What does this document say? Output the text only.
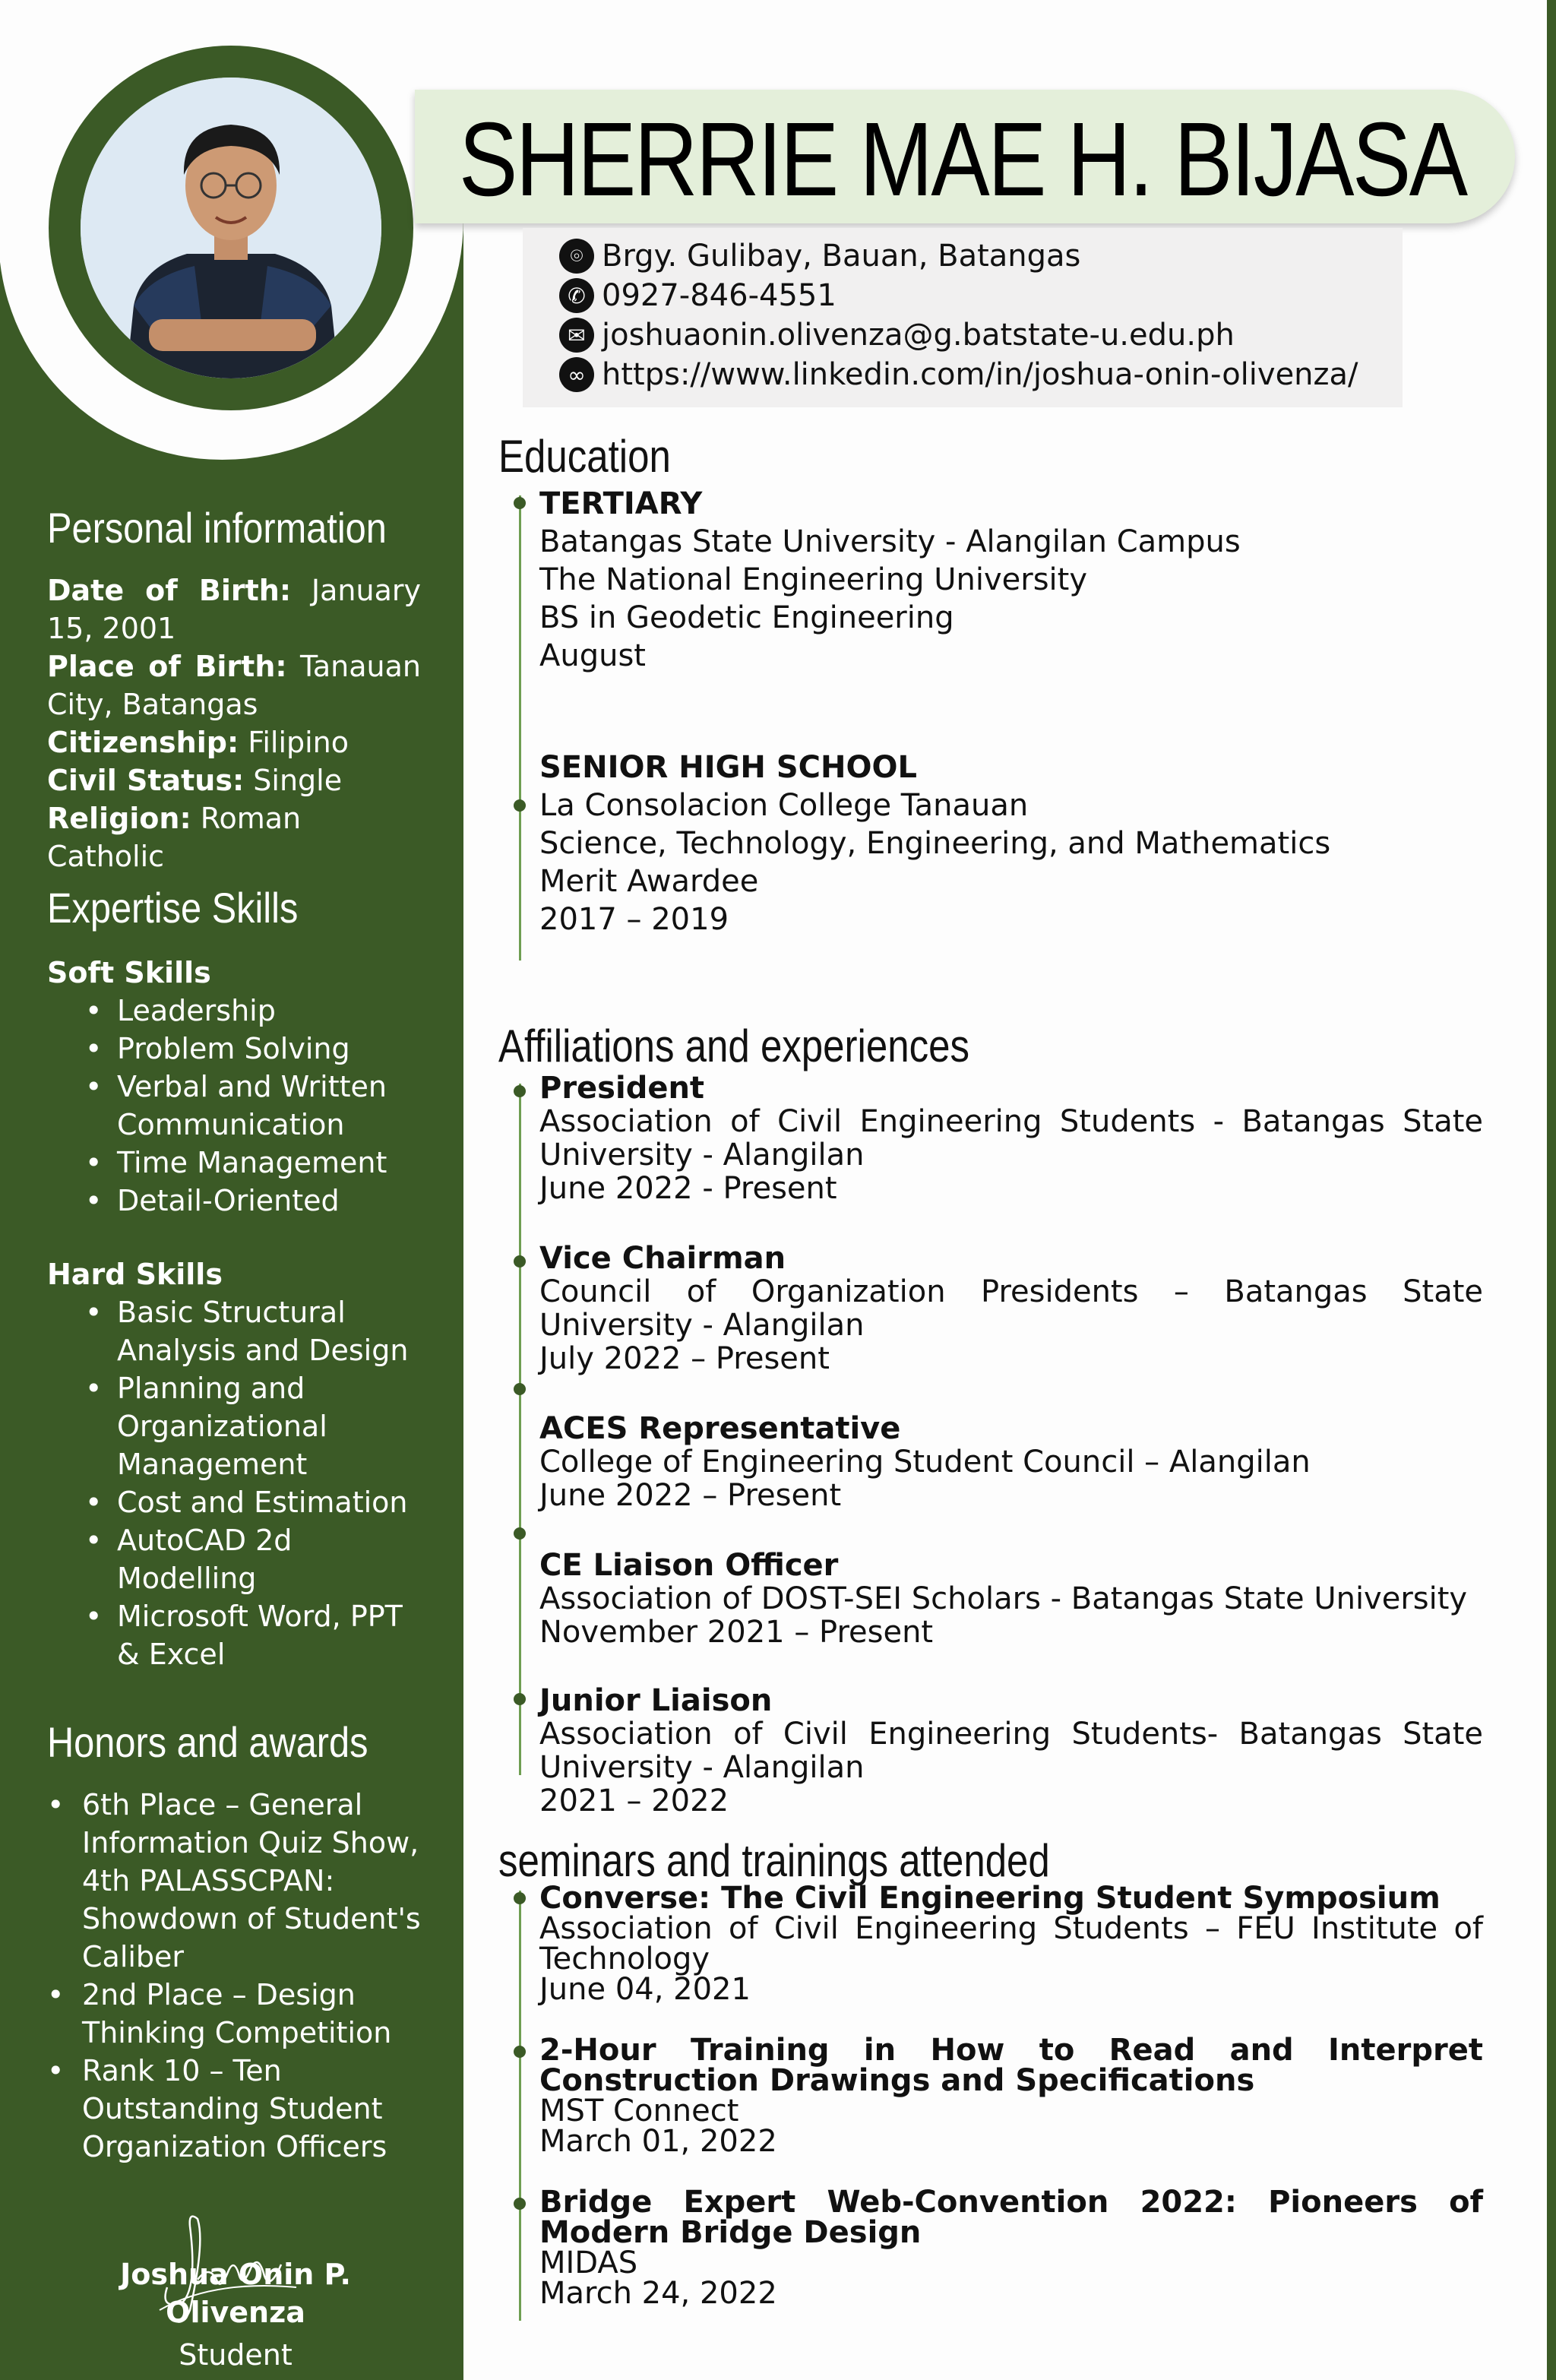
SHERRIE MAE H. BIJASA
⌾ Brgy. Gulibay, Bauan, Batangas
✆ 0927-846-4551
✉ joshuaonin.olivenza@g.batstate-u.edu.ph
∞ https://www.linkedin.com/in/joshua-onin-olivenza/
Personal information
Date of Birth: January 15, 2001
Place of Birth: Tanauan City, Batangas
Citizenship: Filipino
Civil Status: Single
Religion: Roman Catholic
Expertise Skills
Soft Skills
• Leadership
• Problem Solving
• Verbal and Written Communication
• Time Management
• Detail-Oriented
Hard Skills
• Basic Structural Analysis and Design
• Planning and Organizational Management
• Cost and Estimation
• AutoCAD 2d Modelling
• Microsoft Word, PPT & Excel
Honors and awards
• 6th Place – General Information Quiz Show, 4th PALASSCPAN: Showdown of Student's Caliber
• 2nd Place – Design Thinking Competition
• Rank 10 – Ten Outstanding Student Organization Officers
Joshua Onin P. Olivenza
Student
Education
TERTIARY
Batangas State University - Alangilan Campus
The National Engineering University
BS in Geodetic Engineering
August
SENIOR HIGH SCHOOL
La Consolacion College Tanauan
Science, Technology, Engineering, and Mathematics
Merit Awardee
2017 – 2019
Affiliations and experiences
President
Association of Civil Engineering Students - Batangas State University - Alangilan
June 2022 - Present
Vice Chairman
Council of Organization Presidents – Batangas State University - Alangilan
July 2022 – Present
ACES Representative
College of Engineering Student Council – Alangilan
June 2022 – Present
CE Liaison Officer
Association of DOST-SEI Scholars - Batangas State University
November 2021 – Present
Junior Liaison
Association of Civil Engineering Students- Batangas State University - Alangilan
2021 – 2022
seminars and trainings attended
Converse: The Civil Engineering Student Symposium
Association of Civil Engineering Students – FEU Institute of Technology
June 04, 2021
2-Hour Training in How to Read and Interpret Construction Drawings and Specifications
MST Connect
March 01, 2022
Bridge Expert Web-Convention 2022: Pioneers of Modern Bridge Design
MIDAS
March 24, 2022
